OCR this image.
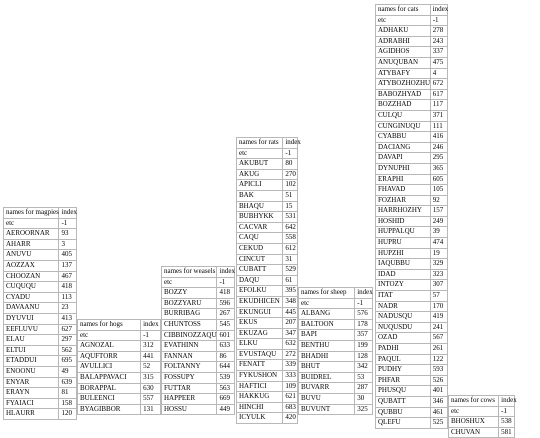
names for magpies	index
etc	-1
AEROORNAR	93
AHARR	3
ANUVU	405
AOZZAX	137
CHOOZAN	467
CUQUQU	418
CYADU	113
DAVAANU	23
DYUVUI	413
EEFLUVU	627
ELAU	297
ELTUI	562
ETADDUI	695
ENOONU	49
ENYAR	639
ERAYN	81
FYAIACI	158
HLAURR	120
names for hogs	index
etc	-1
AGNOZAL	312
AQUFTORR	441
AVULLICI	52
BALAPPAVACI	315
BORAPPAL	630
BULEENCI	557
BYAGIBBOR	131
names for weasels	index
etc	-1
BOZZY	418
BOZZYARU	596
BURRIBAG	267
CHUNTOSS	545
CIBBINOZZAQU	601
EVATHINN	633
FANNAN	86
FOLTANNY	644
FOSSUPY	539
FUTTAR	563
HAPPEER	669
HOSSU	449
names for rats	index
etc	-1
AKUBUT	80
AKUG	270
APICLI	102
BAK	51
BHAQU	15
BUBHYKK	531
CACVAR	642
CAQU	558
CEKUD	612
CINCUT	31
CUBATT	529
DAQU	61
EFOLKU	395
EKUDHICEN	348
EKUNGUI	445
EKUS	207
EKUZAG	347
ELKU	632
EVUSTAQU	272
FENATT	339
FYKUSHON	333
HAFTICI	109
HAKKUG	621
HINCHI	683
ICYULK	420
names for sheep	index
etc	-1
ALBANG	576
BALTOON	178
BAPI	357
BENTHU	199
BHADHI	128
BHUT	342
BUIDREL	53
BUVARR	287
BUVU	30
BUVUNT	325
names for cats	index
etc	-1
ADHAKU	278
ADRABHI	243
AGIDHOS	337
ANUQUBAN	475
ATYBAFY	4
ATYBOZHOZHU	672
BABOZHYAD	617
BOZZHAD	117
CULQU	371
CUNGINUQU	111
CYABBU	416
DACIANG	246
DAVAPI	295
DYNUPHI	365
ERAPHI	605
FHAVAD	105
FOZHAR	92
HARRHOZHY	157
HOSHID	249
HUPPALQU	39
HUPRU	474
HUPZHI	19
IAQUBBU	329
IDAD	323
INTOZY	307
ITAT	57
NADR	170
NADUSQU	419
NUQUSDU	241
OZAD	567
PADHI	261
PAQUL	122
PUDHY	593
PHFAR	526
PHUSQU	401
QUBATT	346
QUBBU	461
QLEFU	525
names for cows	index
etc	-1
BHOSHUX	538
CHUVAN	581
